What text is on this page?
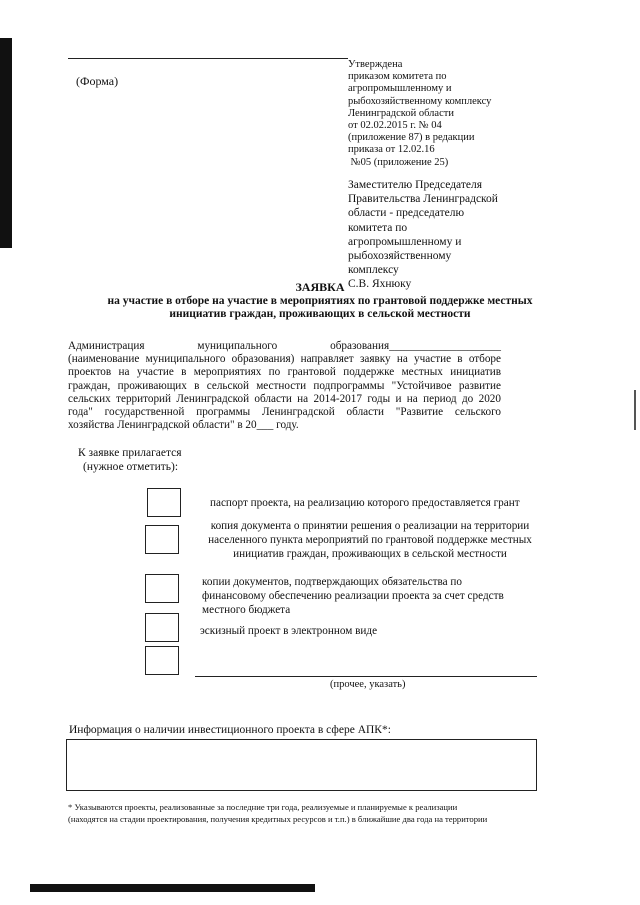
(Форма)
Утверждена
приказом комитета по
агропромышленному и
рыбохозяйственному комплексу
Ленинградской области
от 02.02.2015 г. № 04
(приложение 87) в редакции
приказа от 12.02.16
№05 (приложение 25)
Заместителю Председателя
Правительства Ленинградской
области - председателю
комитета по
агропромышленному и
рыбохозяйственному
комплексу
С.В. Яхнюку
ЗАЯВКА
на участие в отборе на участие в мероприятиях по грантовой поддержке местных
инициатив граждан, проживающих в сельской местности
Администрация        муниципального        образования____________________
(наименование муниципального образования) направляет заявку на участие в отборе
проектов на участие в мероприятиях по грантовой поддержке местных инициатив
граждан, проживающих в сельской местности подпрограммы "Устойчивое развитие
сельских территорий Ленинградской области на 2014-2017 годы и на период до 2020
года" государственной программы Ленинградской области "Развитие сельского
хозяйства Ленинградской области" в 20___ году.
К заявке прилагается
(нужное отметить):
паспорт проекта, на реализацию которого предоставляется грант
копия документа о принятии решения о реализации на территории
населенного пункта мероприятий по грантовой поддержке местных
инициатив граждан, проживающих в сельской местности
копии документов, подтверждающих обязательства по
финансовому обеспечению реализации проекта за счет средств
местного бюджета
эскизный проект в электронном виде
(прочее, указать)
Информация о наличии инвестиционного проекта в сфере АПК*:
* Указываются проекты, реализованные за последние три года, реализуемые и планируемые к реализации
(находятся на стадии проектирования, получения кредитных ресурсов и т.п.) в ближайшие два года на территории
